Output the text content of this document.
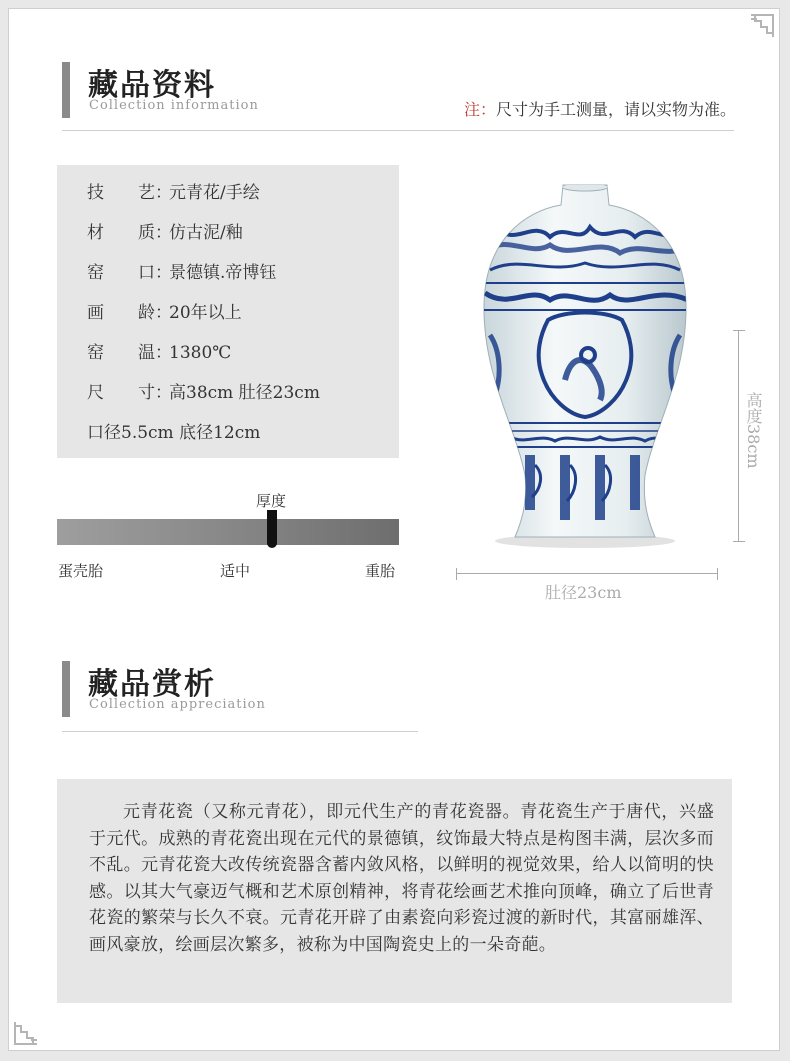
藏品资料
Collection information	注：尺寸为手工测量，请以实物为准。
技　　艺：元青花/手绘
材　　质：仿古泥/釉
窑　　口：景德镇.帝博钰
画　　龄：20年以上
窑　　温：1380℃
尺　　寸：高38cm 肚径23cm
口径5.5cm 底径12cm
厚度
蛋壳胎	适中	重胎
肚径23cm
高度38cm
藏品赏析
Collection appreciation
元青花瓷（又称元青花），即元代生产的青花瓷器。青花瓷生产于唐代，兴盛于元代。成熟的青花瓷出现在元代的景德镇，纹饰最大特点是构图丰满，层次多而不乱。元青花瓷大改传统瓷器含蓄内敛风格，以鲜明的视觉效果，给人以简明的快感。以其大气豪迈气概和艺术原创精神，将青花绘画艺术推向顶峰，确立了后世青花瓷的繁荣与长久不衰。元青花开辟了由素瓷向彩瓷过渡的新时代，其富丽雄浑、画风豪放，绘画层次繁多，被称为中国陶瓷史上的一朵奇葩。
